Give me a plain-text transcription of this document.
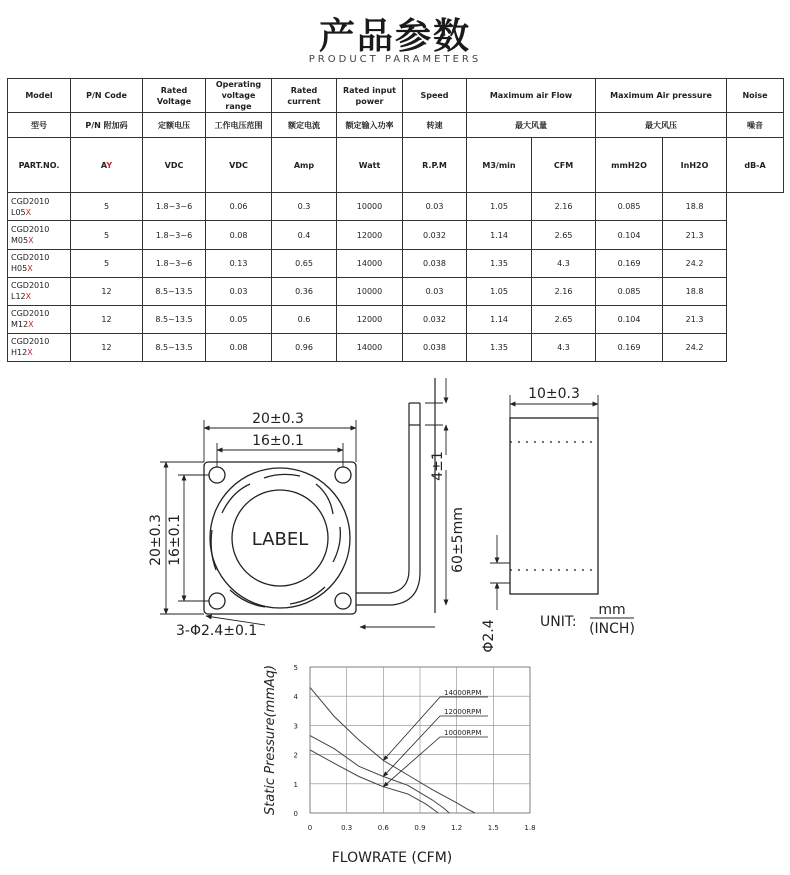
产品参数
PRODUCT PARAMETERS
Model	P/N Code	Rated Voltage	Operating voltage range	Rated current	Rated input power	Speed	Maximum air Flow		Maximum Air pressure		Noise
型号	P/N 附加码	定额电压	工作电压范围	额定电流	额定输入功率	转速	最大风量		最大风压		噪音
PART.NO.	AY	VDC	VDC	Amp	Watt	R.P.M	M3/min	CFM	mmH2O	InH2O	dB-A
CGD2010 L05X	5	1.8~3~6	0.06	0.3	10000	0.03	1.05	2.16	0.085	18.8	
CGD2010 M05X	5	1.8~3~6	0.08	0.4	12000	0.032	1.14	2.65	0.104	21.3	
CGD2010 H05X	5	1.8~3~6	0.13	0.65	14000	0.038	1.35	4.3	0.169	24.2	
CGD2010 L12X	12	8.5~13.5	0.03	0.36	10000	0.03	1.05	2.16	0.085	18.8	
CGD2010 M12X	12	8.5~13.5	0.05	0.6	12000	0.032	1.14	2.65	0.104	21.3	
CGD2010 H12X	12	8.5~13.5	0.08	0.96	14000	0.038	1.35	4.3	0.169	24.2	
LABEL
20±0.3
16±0.1
20±0.3 16±0.1
4±1
60±5mm
3-Φ2.4±0.1
10±0.3
Φ2.4	UNIT:
mm
(INCH)
0	0.3	0.6	0.9	1.2	1.5	1.8
0
1
2
3
4
5
14000RPM
12000RPM
10000RPM
Static Pressure(mmAq)
FLOWRATE (CFM)
